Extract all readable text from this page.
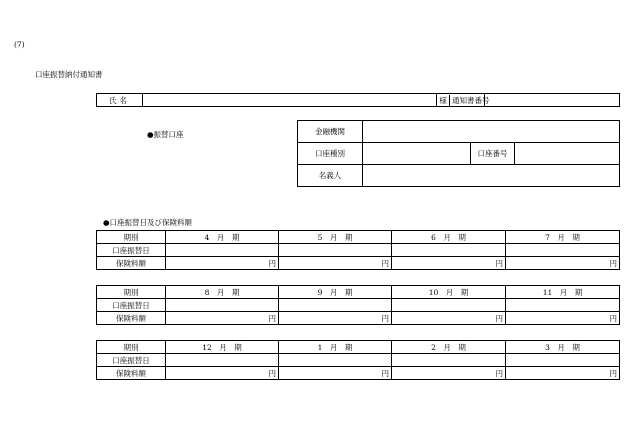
(7)
口座振替納付通知書
氏名		様 通知書番号	
●振替口座	金融機関			
口座種別		口座番号	
名義人			
●口座振替日及び保険料額
期別	4　月　期	5　月　期	6　月　期	7　月　期
口座振替日				
保険料額	円	円	円	円
期別	8　月　期	9　月　期	10　月　期	11　月　期
口座振替日				
保険料額	円	円	円	円
期別	12　月　期	1　月　期	2　月　期	3　月　期
口座振替日				
保険料額	円	円	円	円
